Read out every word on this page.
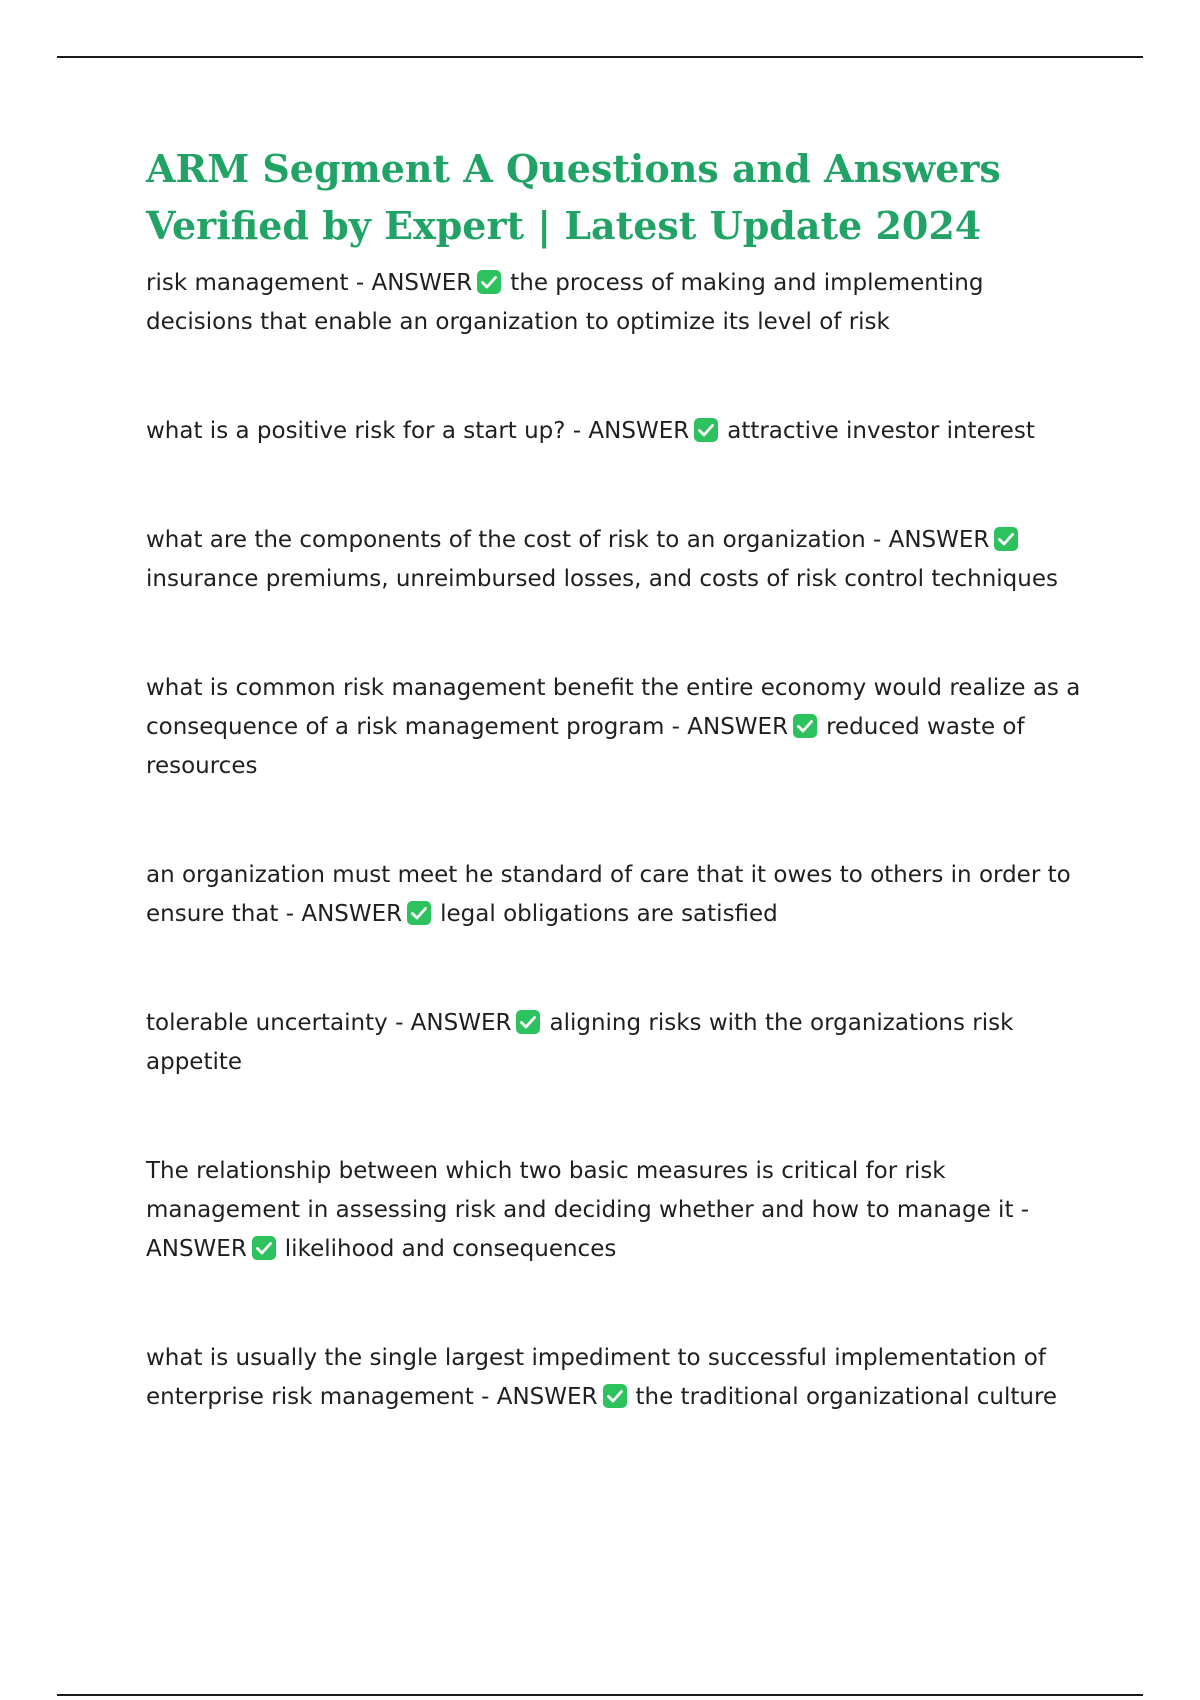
ARM Segment A Questions and Answers Verified by Expert | Latest Update 2024

risk management - ANSWER the process of making and implementing decisions that enable an organization to optimize its level of risk

what is a positive risk for a start up? - ANSWER attractive investor interest

what are the components of the cost of risk to an organization - ANSWER
insurance premiums, unreimbursed losses, and costs of risk control techniques

what is common risk management benefit the entire economy would realize as a consequence of a risk management program - ANSWER reduced waste of resources

an organization must meet he standard of care that it owes to others in order to ensure that - ANSWER legal obligations are satisfied

tolerable uncertainty - ANSWER aligning risks with the organizations risk appetite

The relationship between which two basic measures is critical for risk management in assessing risk and deciding whether and how to manage it - ANSWER likelihood and consequences

what is usually the single largest impediment to successful implementation of enterprise risk management - ANSWER the traditional organizational culture
